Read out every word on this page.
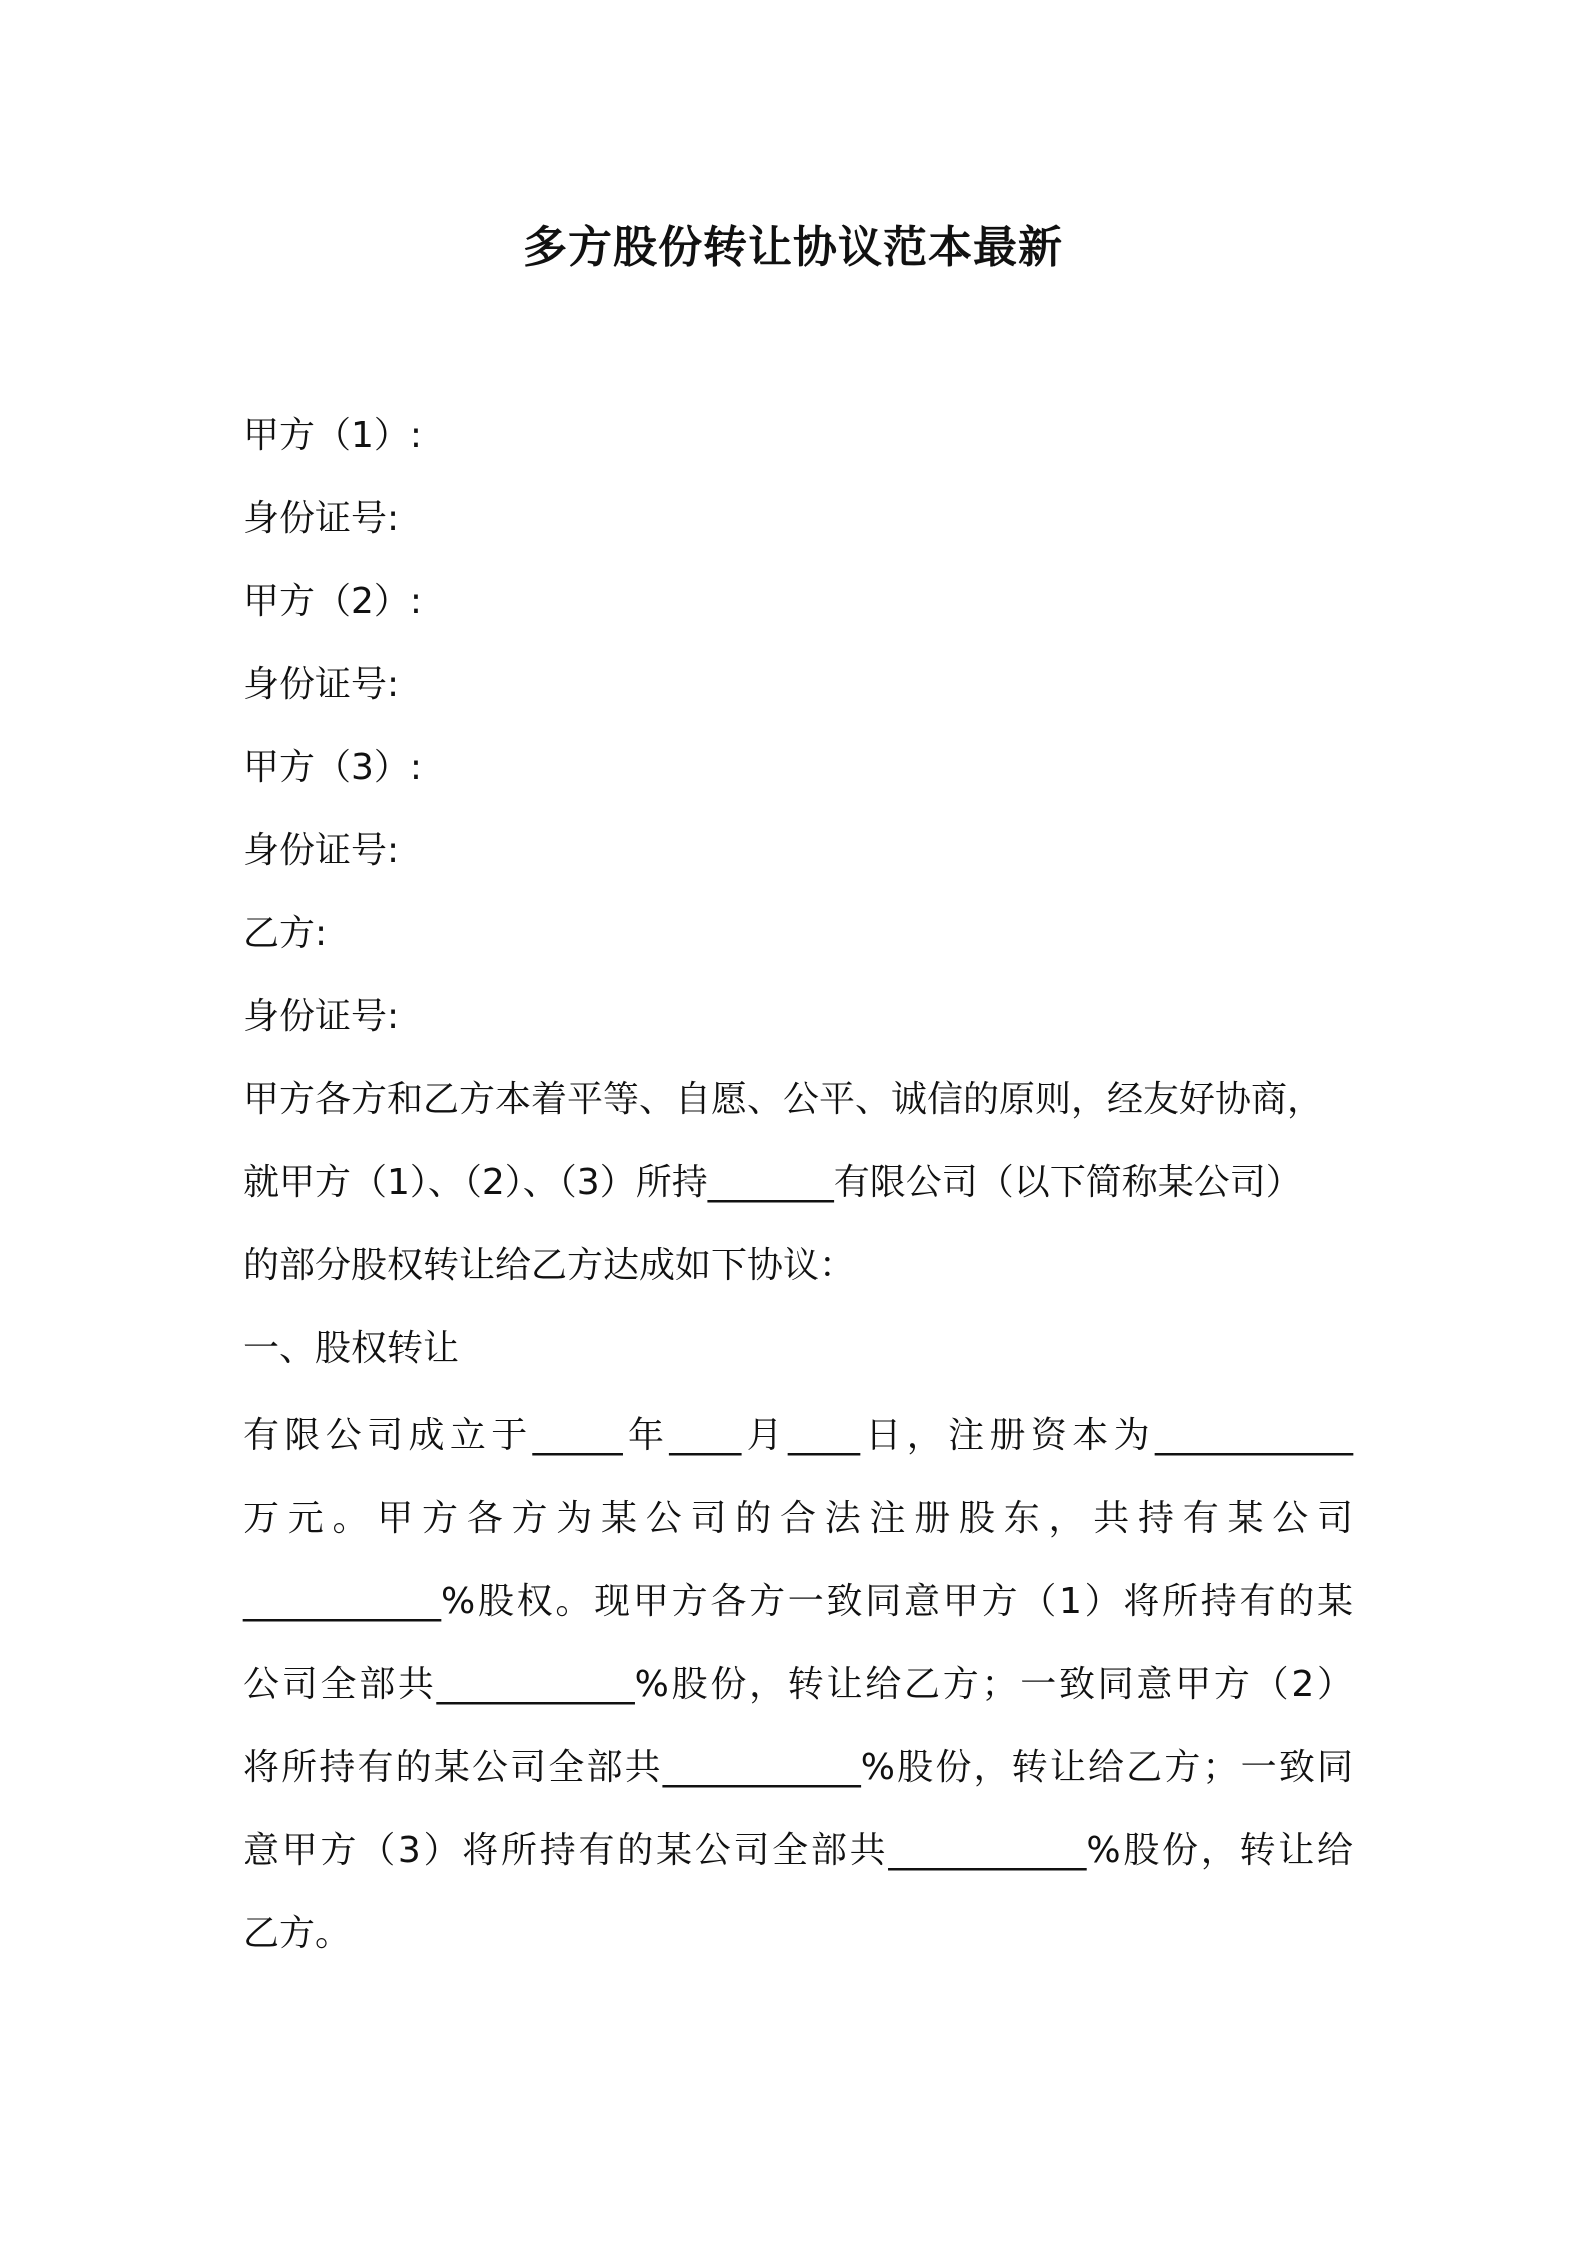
多方股份转让协议范本最新
甲方（1）:
身份证号:
甲方（2）:
身份证号:
甲方（3）:
身份证号:
乙方:
身份证号:
甲方各方和乙方本着平等、自愿、公平、诚信的原则，经友好协商，
就甲方（1）、（2）、（3）所持_______有限公司（以下简称某公司）
的部分股权转让给乙方达成如下协议：
一、股权转让
有限公司成立于_____年____月____日，注册资本为___________
万元。甲方各方为某公司的合法注册股东，共持有某公司
___________%股权。现甲方各方一致同意甲方（1）将所持有的某
公司全部共___________%股份，转让给乙方；一致同意甲方（2）
将所持有的某公司全部共___________%股份，转让给乙方；一致同
意甲方（3）将所持有的某公司全部共___________%股份，转让给
乙方。
